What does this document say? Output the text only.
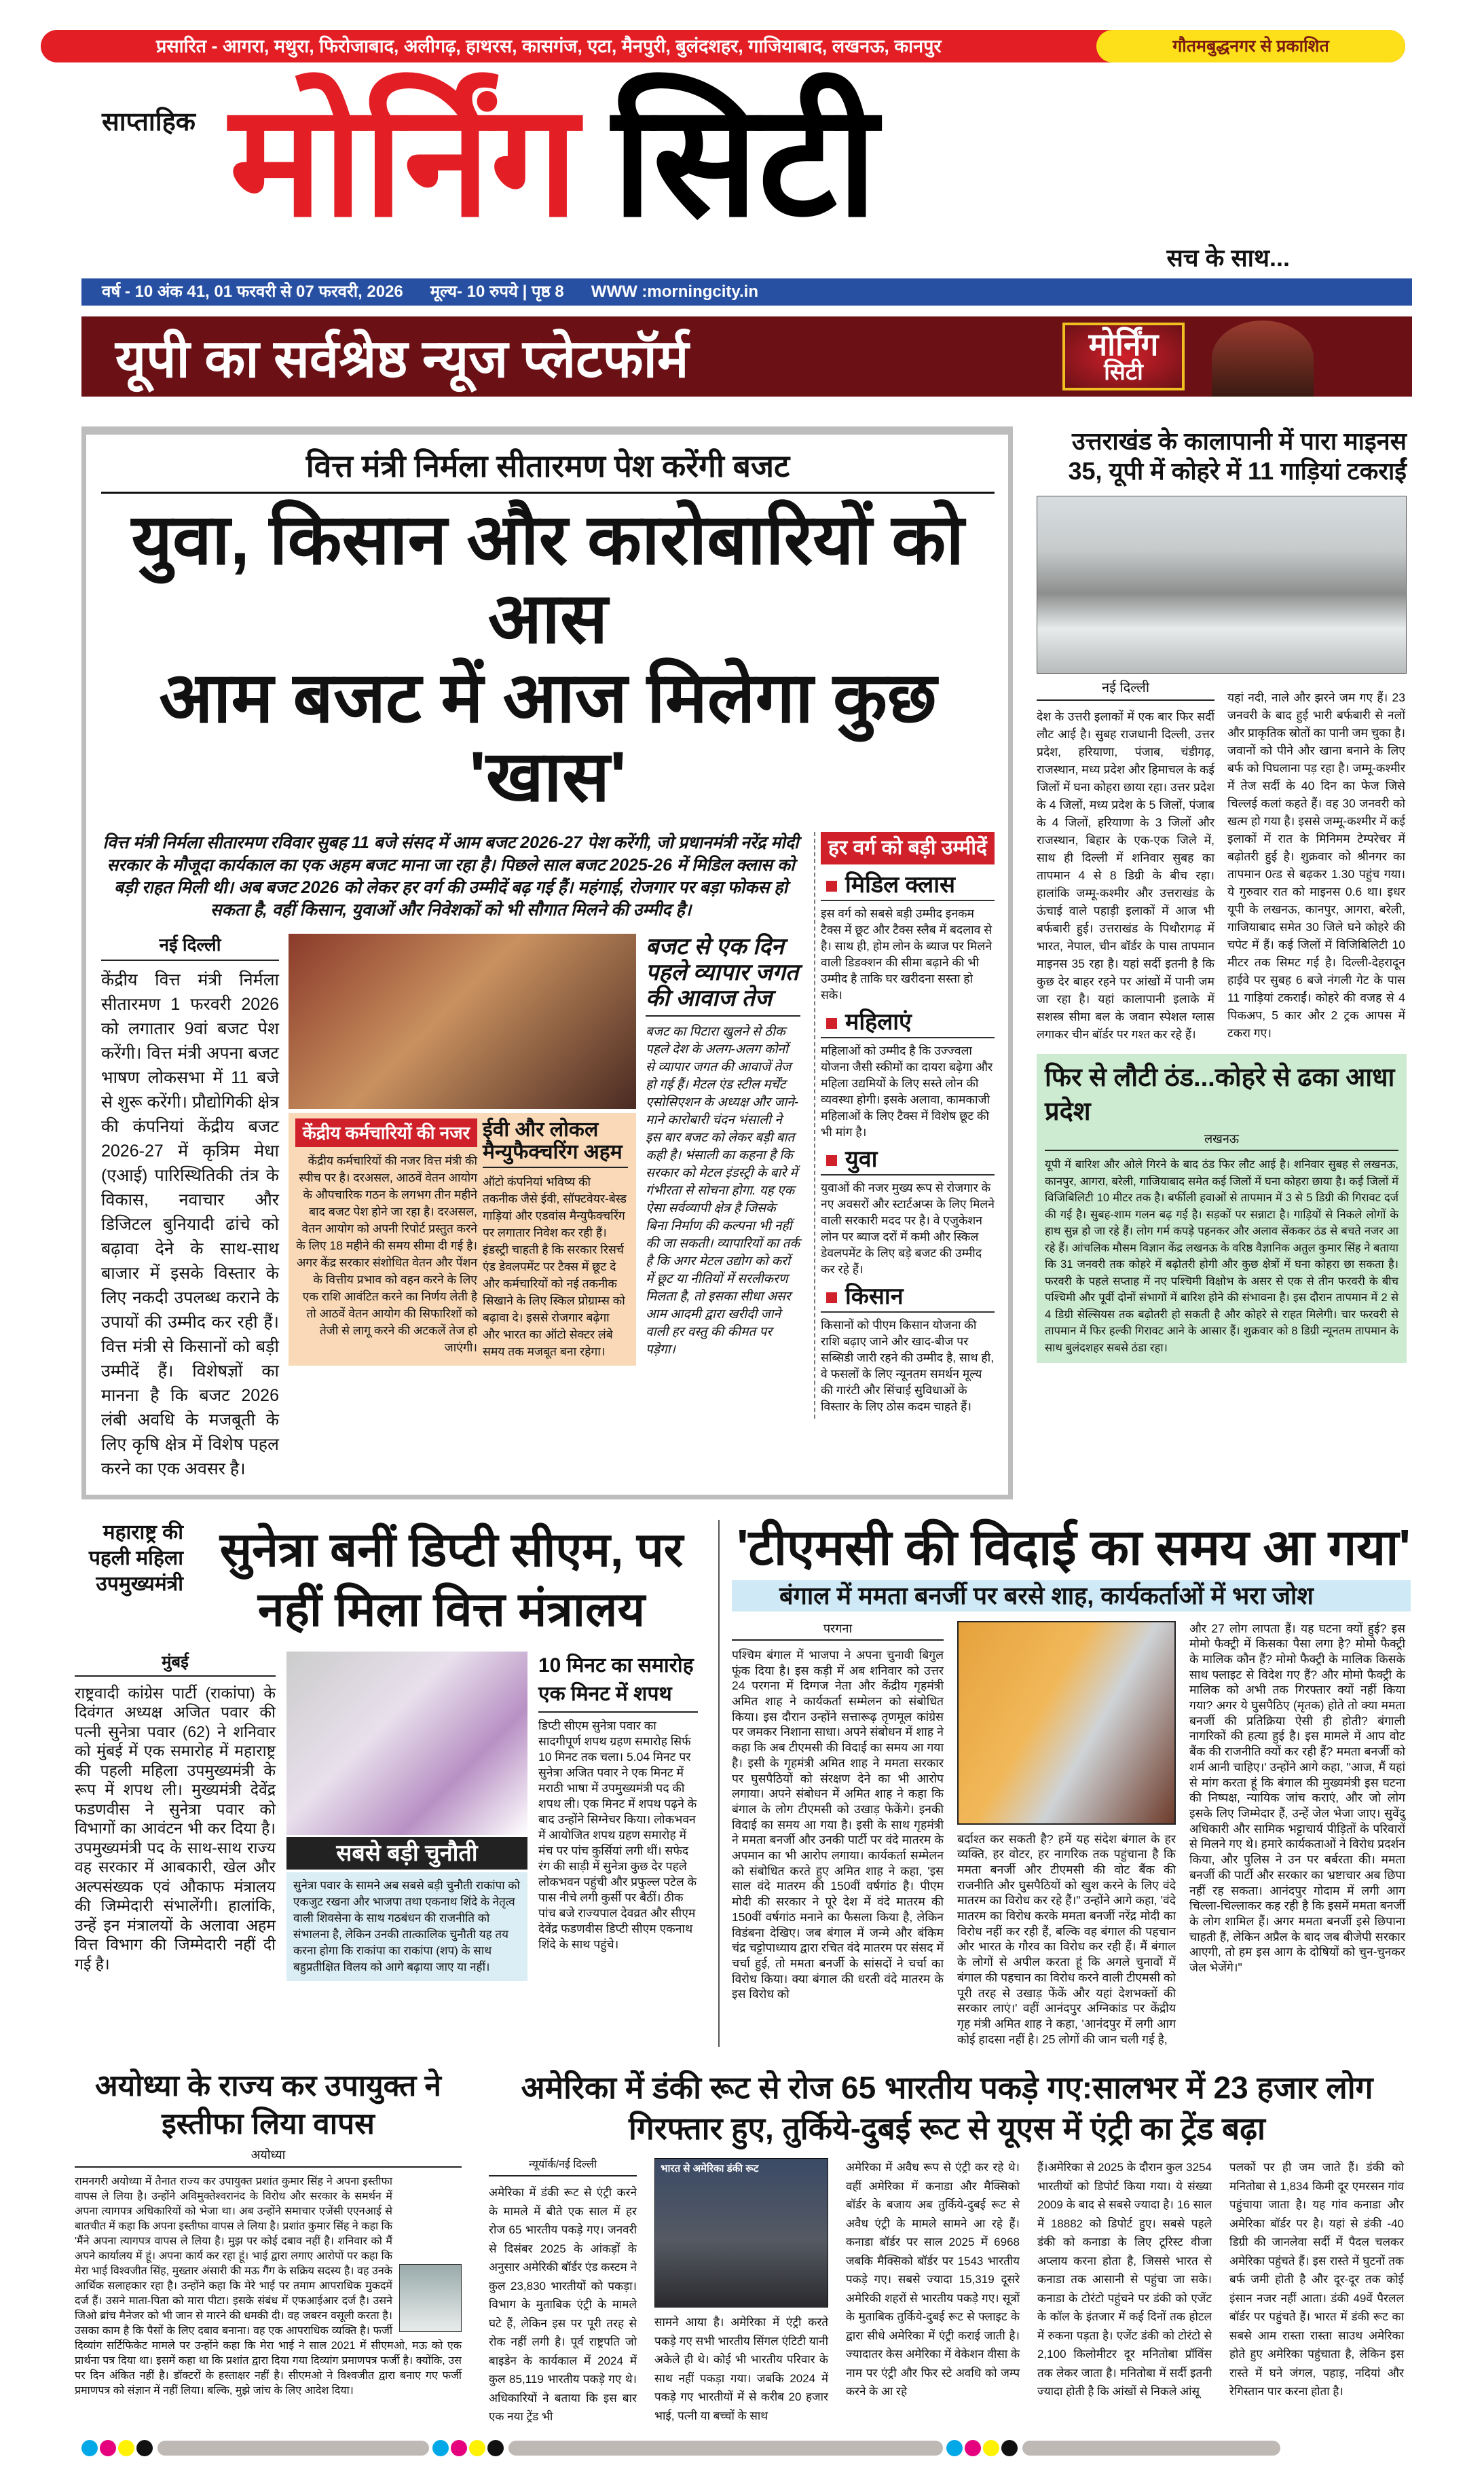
प्रसारित - आगरा, मथुरा, फिरोजाबाद, अलीगढ़, हाथरस, कासगंज, एटा, मैनपुरी, बुलंदशहर, गाजियाबाद, लखनऊ, कानपुर	गौतमबुद्धनगर से प्रकाशित
साप्ताहिक मोर्निंग सिटी
सच के साथ...
वर्ष - 10 अंक 41, 01 फरवरी से 07 फरवरी, 2026 मूल्य- 10 रुपये | पृष्ठ 8 WWW :morningcity.in
यूपी का सर्वश्रेष्ठ न्यूज प्लेटफॉर्म	मोर्निंग
सिटी
वित्त मंत्री निर्मला सीतारमण पेश करेंगी बजट
युवा, किसान और कारोबारियों को आस
आम बजट में आज मिलेगा कुछ 'खास'
वित्त मंत्री निर्मला सीतारमण रविवार सुबह 11 बजे संसद में आम बजट 2026-27 पेश करेंगी, जो प्रधानमंत्री नरेंद्र मोदी सरकार के मौजूदा कार्यकाल का एक अहम बजट माना जा रहा है। पिछले साल बजट 2025-26 में मिडिल क्लास को बड़ी राहत मिली थी। अब बजट 2026 को लेकर हर वर्ग की उम्मीदें बढ़ गई हैं। महंगाई, रोजगार पर बड़ा फोकस हो सकता है, वहीं किसान, युवाओं और निवेशकों को भी सौगात मिलने की उम्मीद है।
नई दिल्ली
केंद्रीय वित्त मंत्री निर्मला सीतारमण 1 फरवरी 2026 को लगातार 9वां बजट पेश करेंगी। वित्त मंत्री अपना बजट भाषण लोकसभा में 11 बजे से शुरू करेंगी। प्रौद्योगिकी क्षेत्र की कंपनियां केंद्रीय बजट 2026-27 में कृत्रिम मेधा (एआई) पारिस्थितिकी तंत्र के विकास, नवाचार और डिजिटल बुनियादी ढांचे को बढ़ावा देने के साथ-साथ बाजार में इसके विस्तार के लिए नकदी उपलब्ध कराने के उपायों की उम्मीद कर रही हैं। वित्त मंत्री से किसानों को बड़ी उम्मीदें हैं। विशेषज्ञों का मानना है कि बजट 2026 लंबी अवधि के मजबूती के लिए कृषि क्षेत्र में विशेष पहल करने का एक अवसर है।
केंद्रीय कर्मचारियों की नजर
केंद्रीय कर्मचारियों की नजर वित्त मंत्री की स्पीच पर है। दरअसल, आठवें वेतन आयोग के औपचारिक गठन के लगभग तीन महीने बाद बजट पेश होने जा रहा है। दरअसल, वेतन आयोग को अपनी रिपोर्ट प्रस्तुत करने के लिए 18 महीने की समय सीमा दी गई है। अगर केंद्र सरकार संशोधित वेतन और पेंशन के वित्तीय प्रभाव को वहन करने के लिए एक राशि आवंटित करने का निर्णय लेती है तो आठवें वेतन आयोग की सिफारिशों को तेजी से लागू करने की अटकलें तेज हो जाएंगी।
ईवी और लोकल मैन्युफैक्चरिंग अहम
ऑटो कंपनियां भविष्य की तकनीक जैसे ईवी, सॉफ्टवेयर-बेस्ड गाड़ियां और एडवांस मैन्युफैक्चरिंग पर लगातार निवेश कर रही हैं। इंडस्ट्री चाहती है कि सरकार रिसर्च एंड डेवलपमेंट पर टैक्स में छूट दे और कर्मचारियों को नई तकनीक सिखाने के लिए स्किल प्रोग्राम्स को बढ़ावा दे। इससे रोजगार बढ़ेगा और भारत का ऑटो सेक्टर लंबे समय तक मजबूत बना रहेगा।
बजट से एक दिन पहले व्यापार जगत की आवाज तेज
बजट का पिटारा खुलने से ठीक पहले देश के अलग-अलग कोनों से व्यापार जगत की आवाजें तेज हो गई हैं। मेटल एंड स्टील मर्चेंट एसोसिएशन के अध्यक्ष और जाने-माने कारोबारी चंदन भंसाली ने इस बार बजट को लेकर बड़ी बात कही है। भंसाली का कहना है कि सरकार को मेटल इंडस्ट्री के बारे में गंभीरता से सोचना होगा. यह एक ऐसा सर्वव्यापी क्षेत्र है जिसके बिना निर्माण की कल्पना भी नहीं की जा सकती। व्यापारियों का तर्क है कि अगर मेटल उद्योग को करों में छूट या नीतियों में सरलीकरण मिलता है, तो इसका सीधा असर आम आदमी द्वारा खरीदी जाने वाली हर वस्तु की कीमत पर पड़ेगा।
हर वर्ग को बड़ी उम्मीदें
मिडिल क्लास
इस वर्ग को सबसे बड़ी उम्मीद इनकम टैक्स में छूट और टैक्स स्लैब में बदलाव से है। साथ ही, होम लोन के ब्याज पर मिलने वाली डिडक्शन की सीमा बढ़ाने की भी उम्मीद है ताकि घर खरीदना सस्ता हो सके।
महिलाएं
महिलाओं को उम्मीद है कि उज्ज्वला योजना जैसी स्कीमों का दायरा बढ़ेगा और महिला उद्यमियों के लिए सस्ते लोन की व्यवस्था होगी। इसके अलावा, कामकाजी महिलाओं के लिए टैक्स में विशेष छूट की भी मांग है।
युवा
युवाओं की नजर मुख्य रूप से रोजगार के नए अवसरों और स्टार्टअप्स के लिए मिलने वाली सरकारी मदद पर है। वे एजुकेशन लोन पर ब्याज दरों में कमी और स्किल डेवलपमेंट के लिए बड़े बजट की उम्मीद कर रहे हैं।
किसान
किसानों को पीएम किसान योजना की राशि बढ़ाए जाने और खाद-बीज पर सब्सिडी जारी रहने की उम्मीद है, साथ ही, वे फसलों के लिए न्यूनतम समर्थन मूल्य की गारंटी और सिंचाई सुविधाओं के विस्तार के लिए ठोस कदम चाहते हैं।
उत्तराखंड के कालापानी में पारा माइनस 35, यूपी में कोहरे में 11 गाड़ियां टकराईं
नई दिल्ली
देश के उत्तरी इलाकों में एक बार फिर सर्दी लौट आई है। सुबह राजधानी दिल्ली, उत्तर प्रदेश, हरियाणा, पंजाब, चंडीगढ़, राजस्थान, मध्य प्रदेश और हिमाचल के कई जिलों में घना कोहरा छाया रहा। उत्तर प्रदेश के 4 जिलों, मध्य प्रदेश के 5 जिलों, पंजाब के 4 जिलों, हरियाणा के 3 जिलों और राजस्थान, बिहार के एक-एक जिले में, साथ ही दिल्ली में शनिवार सुबह का तापमान 4 से 8 डिग्री के बीच रहा। हालांकि जम्मू-कश्मीर और उत्तराखंड के ऊंचाई वाले पहाड़ी इलाकों में आज भी बर्फबारी हुई। उत्तराखंड के पिथौरागढ़ में भारत, नेपाल, चीन बॉर्डर के पास तापमान माइनस 35 रहा है। यहां सर्दी इतनी है कि कुछ देर बाहर रहने पर आंखों में पानी जम जा रहा है। यहां कालापानी इलाके में सशस्त्र सीमा बल के जवान स्पेशल ग्लास लगाकर चीन बॉर्डर पर गश्त कर रहे हैं।
यहां नदी, नाले और झरने जम गए हैं। 23 जनवरी के बाद हुई भारी बर्फबारी से नलों और प्राकृतिक स्रोतों का पानी जम चुका है। जवानों को पीने और खाना बनाने के लिए बर्फ को पिघलाना पड़ रहा है। जम्मू-कश्मीर में तेज सर्दी के 40 दिन का फेज जिसे चिल्लई कलां कहते हैं। वह 30 जनवरी को खत्म हो गया है। इससे जम्मू-कश्मीर में कई इलाकों में रात के मिनिमम टेम्परेचर में बढ़ोतरी हुई है। शुक्रवार को श्रीनगर का तापमान 0त्ड से बढ़कर 1.30 पहुंच गया। ये गुरुवार रात को माइनस 0.6 था। इधर यूपी के लखनऊ, कानपुर, आगरा, बरेली, गाजियाबाद समेत 30 जिले घने कोहरे की चपेट में हैं। कई जिलों में विजिबिलिटी 10 मीटर तक सिमट गई है। दिल्ली-देहरादून हाईवे पर सुबह 6 बजे नंगली गेट के पास 11 गाड़ियां टकराईं। कोहरे की वजह से 4 पिकअप, 5 कार और 2 ट्रक आपस में टकरा गए।
फिर से लौटी ठंड...कोहरे से ढका आधा प्रदेश
लखनऊ
यूपी में बारिश और ओले गिरने के बाद ठंड फिर लौट आई है। शनिवार सुबह से लखनऊ, कानपुर, आगरा, बरेली, गाजियाबाद समेत कई जिलों में घना कोहरा छाया है। कई जिलों में विजिबिलिटी 10 मीटर तक है। बर्फीली हवाओं से तापमान में 3 से 5 डिग्री की गिरावट दर्ज की गई है। सुबह-शाम गलन बढ़ गई है। सड़कों पर सन्नाटा है। गाड़ियों से निकले लोगों के हाथ सुन्न हो जा रहे हैं। लोग गर्म कपड़े पहनकर और अलाव सेंककर ठंड से बचते नजर आ रहे हैं। आंचलिक मौसम विज्ञान केंद्र लखनऊ के वरिष्ठ वैज्ञानिक अतुल कुमार सिंह ने बताया कि 31 जनवरी तक कोहरे में बढ़ोतरी होगी और कुछ क्षेत्रों में घना कोहरा छा सकता है। फरवरी के पहले सप्ताह में नए पश्चिमी विक्षोभ के असर से एक से तीन फरवरी के बीच पश्चिमी और पूर्वी दोनों संभागों में बारिश होने की संभावना है। इस दौरान तापमान में 2 से 4 डिग्री सेल्सियस तक बढ़ोतरी हो सकती है और कोहरे से राहत मिलेगी। चार फरवरी से तापमान में फिर हल्की गिरावट आने के आसार हैं। शुक्रवार को 8 डिग्री न्यूनतम तापमान के साथ बुलंदशहर सबसे ठंडा रहा।
महाराष्ट्र की पहली महिला उपमुख्यमंत्री
सुनेत्रा बनीं डिप्टी सीएम, पर नहीं मिला वित्त मंत्रालय
मुंबई
राष्ट्रवादी कांग्रेस पार्टी (राकांपा) के दिवंगत अध्यक्ष अजित पवार की पत्नी सुनेत्रा पवार (62) ने शनिवार को मुंबई में एक समारोह में महाराष्ट्र की पहली महिला उपमुख्यमंत्री के रूप में शपथ ली। मुख्यमंत्री देवेंद्र फडणवीस ने सुनेत्रा पवार को विभागों का आवंटन भी कर दिया है। उपमुख्यमंत्री पद के साथ-साथ राज्य वह सरकार में आबकारी, खेल और अल्पसंख्यक एवं औकाफ मंत्रालय की जिम्मेदारी संभालेंगी। हालांकि, उन्हें इन मंत्रालयों के अलावा अहम वित्त विभाग की जिम्मेदारी नहीं दी गई है।
सबसे बड़ी चुनौती
सुनेत्रा पवार के सामने अब सबसे बड़ी चुनौती राकांपा को एकजुट रखना और भाजपा तथा एकनाथ शिंदे के नेतृत्व वाली शिवसेना के साथ गठबंधन की राजनीति को संभालना है, लेकिन उनकी तात्कालिक चुनौती यह तय करना होगा कि राकांपा का राकांपा (शप) के साथ बहुप्रतीक्षित विलय को आगे बढ़ाया जाए या नहीं।
10 मिनट का समारोह एक मिनट में शपथ
डिप्टी सीएम सुनेत्रा पवार का सादगीपूर्ण शपथ ग्रहण समारोह सिर्फ 10 मिनट तक चला। 5.04 मिनट पर सुनेत्रा अजित पवार ने एक मिनट में मराठी भाषा में उपमुख्यमंत्री पद की शपथ ली। एक मिनट में शपथ पढ़ने के बाद उन्होंने सिग्नेचर किया। लोकभवन में आयोजित शपथ ग्रहण समारोह में मंच पर पांच कुर्सियां लगी थीं। सफेद रंग की साड़ी में सुनेत्रा कुछ देर पहले लोकभवन पहुंची और प्रफुल्ल पटेल के पास नीचे लगी कुर्सी पर बैठीं। ठीक पांच बजे राज्यपाल देवव्रत और सीएम देवेंद्र फडणवीस डिप्टी सीएम एकनाथ शिंदे के साथ पहुंचे।
'टीएमसी की विदाई का समय आ गया'
बंगाल में ममता बनर्जी पर बरसे शाह, कार्यकर्ताओं में भरा जोश
परगना
पश्चिम बंगाल में भाजपा ने अपना चुनावी बिगुल फूंक दिया है। इस कड़ी में अब शनिवार को उत्तर 24 परगना में दिग्गज नेता और केंद्रीय गृहमंत्री अमित शाह ने कार्यकर्ता सम्मेलन को संबोधित किया। इस दौरान उन्होंने सत्तारूढ़ तृणमूल कांग्रेस पर जमकर निशाना साधा। अपने संबोधन में शाह ने कहा कि अब टीएमसी की विदाई का समय आ गया है। इसी के गृहमंत्री अमित शाह ने ममता सरकार पर घुसपैठियों को संरक्षण देने का भी आरोप लगाया। अपने संबोधन में अमित शाह ने कहा कि बंगाल के लोग टीएमसी को उखाड़ फेकेंगे। इनकी विदाई का समय आ गया है। इसी के साथ गृहमंत्री ने ममता बनर्जी और उनकी पार्टी पर वंदे मातरम के अपमान का भी आरोप लगाया। कार्यकर्ता सम्मेलन को संबोधित करते हुए अमित शाह ने कहा, 'इस साल वंदे मातरम की 150वीं वर्षगांठ है। पीएम मोदी की सरकार ने पूरे देश में वंदे मातरम की 150वीं वर्षगांठ मनाने का फैसला किया है, लेकिन विडंबना देखिए। जब बंगाल में जन्मे और बंकिम चंद्र चट्टोपाध्याय द्वारा रचित वंदे मातरम पर संसद में चर्चा हुई, तो ममता बनर्जी के सांसदों ने चर्चा का विरोध किया। क्या बंगाल की धरती वंदे मातरम के इस विरोध को
बर्दाश्त कर सकती है? हमें यह संदेश बंगाल के हर व्यक्ति, हर वोटर, हर नागरिक तक पहुंचाना है कि ममता बनर्जी और टीएमसी की वोट बैंक की राजनीति और घुसपैठियों को खुश करने के लिए वंदे मातरम का विरोध कर रहे हैं।" उन्होंने आगे कहा, 'वंदे मातरम का विरोध करके ममता बनर्जी नरेंद्र मोदी का विरोध नहीं कर रही हैं, बल्कि वह बंगाल की पहचान और भारत के गौरव का विरोध कर रही हैं। मैं बंगाल के लोगों से अपील करता हूं कि अगले चुनावों में बंगाल की पहचान का विरोध करने वाली टीएमसी को पूरी तरह से उखाड़ फेंकें और यहां देशभक्तों की सरकार लाएं।' वहीं आनंदपुर अग्निकांड पर केंद्रीय गृह मंत्री अमित शाह ने कहा, 'आनंदपुर में लगी आग कोई हादसा नहीं है। 25 लोगों की जान चली गई है,
और 27 लोग लापता हैं। यह घटना क्यों हुई? इस मोमो फैक्ट्री में किसका पैसा लगा है? मोमो फैक्ट्री के मालिक कौन हैं? मोमो फैक्ट्री के मालिक किसके साथ फ्लाइट से विदेश गए हैं? और मोमो फैक्ट्री के मालिक को अभी तक गिरफ्तार क्यों नहीं किया गया? अगर ये घुसपैठिए (मृतक) होते तो क्या ममता बनर्जी की प्रतिक्रिया ऐसी ही होती? बंगाली नागरिकों की हत्या हुई है। इस मामले में आप वोट बैंक की राजनीति क्यों कर रही हैं? ममता बनर्जी को शर्म आनी चाहिए।' उन्होंने आगे कहा, "आज, मैं यहां से मांग करता हूं कि बंगाल की मुख्यमंत्री इस घटना की निष्पक्ष, न्यायिक जांच कराएं, और जो लोग इसके लिए जिम्मेदार हैं, उन्हें जेल भेजा जाए। सुवेंदु अधिकारी और सामिक भट्टाचार्य पीड़ितों के परिवारों से मिलने गए थे। हमारे कार्यकताओं ने विरोध प्रदर्शन किया, और पुलिस ने उन पर बर्बरता की। ममता बनर्जी की पार्टी और सरकार का भ्रष्टाचार अब छिपा नहीं रह सकता। आनंदपुर गोदाम में लगी आग चिल्ला-चिल्लाकर कह रही है कि इसमें ममता बनर्जी के लोग शामिल हैं। अगर ममता बनर्जी इसे छिपाना चाहती हैं, लेकिन अप्रैल के बाद जब बीजेपी सरकार आएगी, तो हम इस आग के दोषियों को चुन-चुनकर जेल भेजेंगे।"
अयोध्या के राज्य कर उपायुक्त ने इस्तीफा लिया वापस
अयोध्या
रामनगरी अयोध्या में तैनात राज्य कर उपायुक्त प्रशांत कुमार सिंह ने अपना इस्तीफा वापस ले लिया है। उन्होंने अविमुक्तेश्वरानंद के विरोध और सरकार के समर्थन में अपना त्यागपत्र अधिकारियों को भेजा था। अब उन्होंने समाचार एजेंसी एएनआई से बातचीत में कहा कि अपना इस्तीफा वापस ले लिया है। प्रशांत कुमार सिंह ने कहा कि 'मैंने अपना त्यागपत्र वापस ले लिया है। मुझ पर कोई दबाव नहीं है। शनिवार को मैं अपने कार्यालय में हूं। अपना कार्य कर रहा हूं। भाई द्वारा लगाए आरोपों पर कहा कि मेरा भाई विश्वजीत सिंह, मुख्तार अंसारी की मऊ गैंग के सक्रिय सदस्य है। वह उनके आर्थिक सलाहकार रहा है। उन्होंने कहा कि मेरे भाई पर तमाम आपराधिक मुकदमें दर्ज हैं। उसने माता-पिता को मारा पीटा। इसके संबंध में एफआईआर दर्ज है। उसने जिओ ब्रांच मैनेजर को भी जान से मारने की धमकी दी। वह जबरन वसूली करता है। उसका काम है कि पैसों के लिए दबाव बनाना। वह एक आपराधिक व्यक्ति है। फर्जी दिव्यांग सर्टिफिकेट मामले पर उन्होंने कहा कि मेरा भाई ने साल 2021 में सीएमओ, मऊ को एक प्रार्थना पत्र दिया था। इसमें कहा था कि प्रशांत द्वारा दिया गया दिव्यांग प्रमाणपत्र फर्जी है। क्योंकि, उस पर दिन अंकित नहीं है। डॉक्टरों के हस्ताक्षर नहीं है। सीएमओ ने विश्वजीत द्वारा बनाए गए फर्जी प्रमाणपत्र को संज्ञान में नहीं लिया। बल्कि, मुझे जांच के लिए आदेश दिया।
अमेरिका में डंकी रूट से रोज 65 भारतीय पकड़े गए:सालभर में 23 हजार लोग गिरफ्तार हुए, तुर्किये-दुबई रूट से यूएस में एंट्री का ट्रेंड बढ़ा
न्यूयॉर्क/नई दिल्ली
अमेरिका में डंकी रूट से एंट्री करने के मामले में बीते एक साल में हर रोज 65 भारतीय पकड़े गए। जनवरी से दिसंबर 2025 के आंकड़ों के अनुसार अमेरिकी बॉर्डर एंड कस्टम ने कुल 23,830 भारतीयों को पकड़ा। विभाग के मुताबिक एंट्री के मामले घटे हैं, लेकिन इस पर पूरी तरह से रोक नहीं लगी है। पूर्व राष्ट्रपति जो बाइडेन के कार्यकाल में 2024 में कुल 85,119 भारतीय पकड़े गए थे। अधिकारियों ने बताया कि इस बार एक नया ट्रेंड भी
भारत से अमेरिका डंकी रूट
सामने आया है। अमेरिका में एंट्री करते पकड़े गए सभी भारतीय सिंगल एंटिटी यानी अकेले ही थे। कोई भी भारतीय परिवार के साथ नहीं पकड़ा गया। जबकि 2024 में पकड़े गए भारतीयों में से करीब 20 हजार भाई, पत्नी या बच्चों के साथ
अमेरिका में अवैध रूप से एंट्री कर रहे थे। वहीं अमेरिका में कनाडा और मैक्सिको बॉर्डर के बजाय अब तुर्किये-दुबई रूट से अवैध एंट्री के मामले सामने आ रहे हैं। कनाडा बॉर्डर पर साल 2025 में 6968 जबकि मैक्सिको बॉर्डर पर 1543 भारतीय पकड़े गए। सबसे ज्यादा 15,319 दूसरे अमेरिकी शहरों से भारतीय पकड़े गए। सूत्रों के मुताबिक तुर्किये-दुबई रूट से फ्लाइट के द्वारा सीधे अमेरिका में एंट्री कराई जाती है। ज्यादातर केस अमेरिका में वेकेशन वीसा के नाम पर एंट्री और फिर स्टे अवधि को जम्प करने के आ रहे
हैं।अमेरिका से 2025 के दौरान कुल 3254 भारतीयों को डिपोर्ट किया गया। ये संख्या 2009 के बाद से सबसे ज्यादा है। 16 साल में 18882 को डिपोर्ट हुए। सबसे पहले डंकी को कनाडा के लिए टूरिस्ट वीजा अप्लाय करना होता है, जिससे भारत से कनाडा तक आसानी से पहुंचा जा सके। कनाडा के टोरंटो पहुंचने पर डंकी को एजेंट के कॉल के इंतजार में कई दिनों तक होटल में रुकना पड़ता है। एजेंट डंकी को टोरंटो से 2,100 किलोमीटर दूर मनितोबा प्रॉविंस तक लेकर जाता है। मनितोबा में सर्दी इतनी ज्यादा होती है कि आंखों से निकले आंसू
पलकों पर ही जम जाते हैं। डंकी को मनितोबा से 1,834 किमी दूर एमरसन गांव पहुंचाया जाता है। यह गांव कनाडा और अमेरिका बॉर्डर पर है। यहां से डंकी -40 डिग्री की जानलेवा सर्दी में पैदल चलकर अमेरिका पहुंचते हैं। इस रास्ते में घुटनों तक बर्फ जमी होती है और दूर-दूर तक कोई इंसान नजर नहीं आता। डंकी 49वें पैरलल बॉर्डर पर पहुंचते हैं। भारत में डंकी रूट का सबसे आम रास्ता रास्ता साउथ अमेरिका होते हुए अमेरिका पहुंचाता है, लेकिन इस रास्ते में घने जंगल, पहाड़, नदियां और रेगिस्तान पार करना होता है।
